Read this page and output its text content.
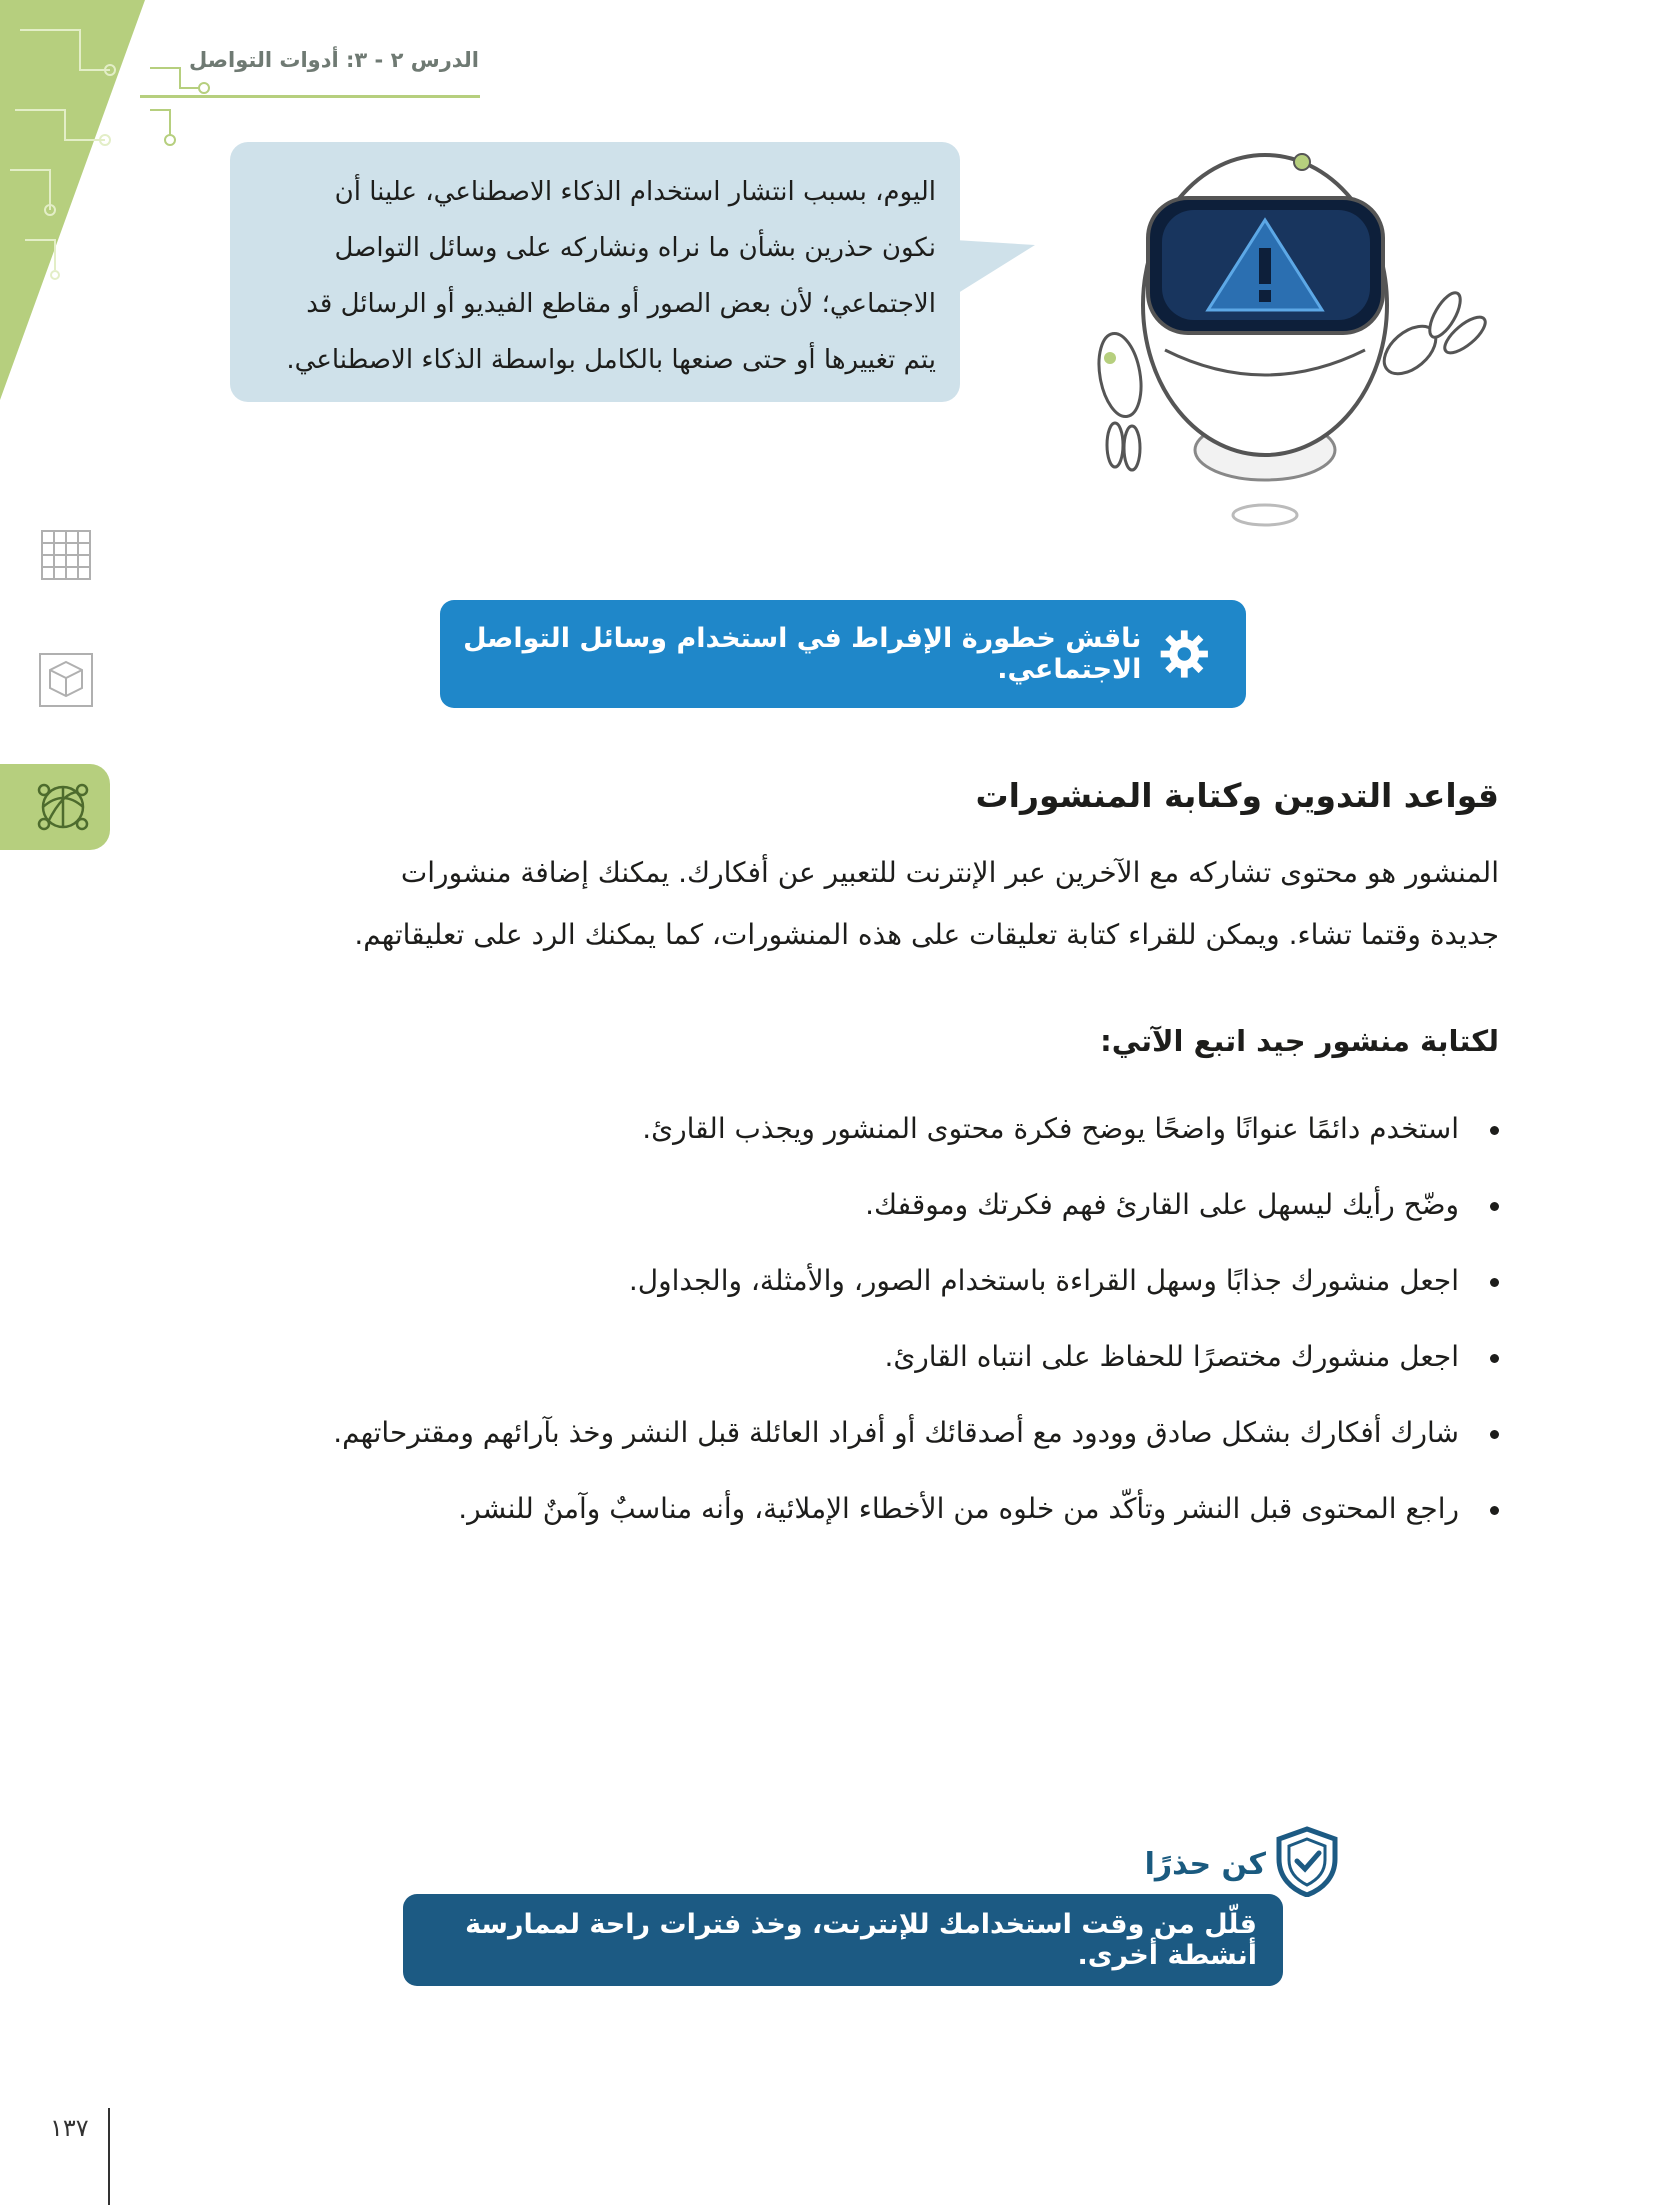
الدرس ٢ - ٣: أدوات التواصل

اليوم، بسبب انتشار استخدام الذكاء الاصطناعي، علينا أن

نكون حذرين بشأن ما نراه ونشاركه على وسائل التواصل

الاجتماعي؛ لأن بعض الصور أو مقاطع الفيديو أو الرسائل قد

يتم تغييرها أو حتى صنعها بالكامل بواسطة الذكاء الاصطناعي.

ناقش خطورة الإفراط في استخدام وسائل التواصل الاجتماعي.
قواعد التدوين وكتابة المنشورات

المنشور هو محتوى تشاركه مع الآخرين عبر الإنترنت للتعبير عن أفكارك. يمكنك إضافة منشورات

جديدة وقتما تشاء. ويمكن للقراء كتابة تعليقات على هذه المنشورات، كما يمكنك الرد على تعليقاتهم.

لكتابة منشور جيد اتبع الآتي:
استخدم دائمًا عنوانًا واضحًا يوضح فكرة محتوى المنشور ويجذب القارئ.
وضّح رأيك ليسهل على القارئ فهم فكرتك وموقفك.
اجعل منشورك جذابًا وسهل القراءة باستخدام الصور، والأمثلة، والجداول.
اجعل منشورك مختصرًا للحفاظ على انتباه القارئ.
شارك أفكارك بشكل صادق وودود مع أصدقائك أو أفراد العائلة قبل النشر وخذ بآرائهم ومقترحاتهم.
راجع المحتوى قبل النشر وتأكّد من خلوه من الأخطاء الإملائية، وأنه مناسبٌ وآمنٌ للنشر.
كن حذرًا
قلّل من وقت استخدامك للإنترنت، وخذ فترات راحة لممارسة أنشطة أخرى.
١٣٧
